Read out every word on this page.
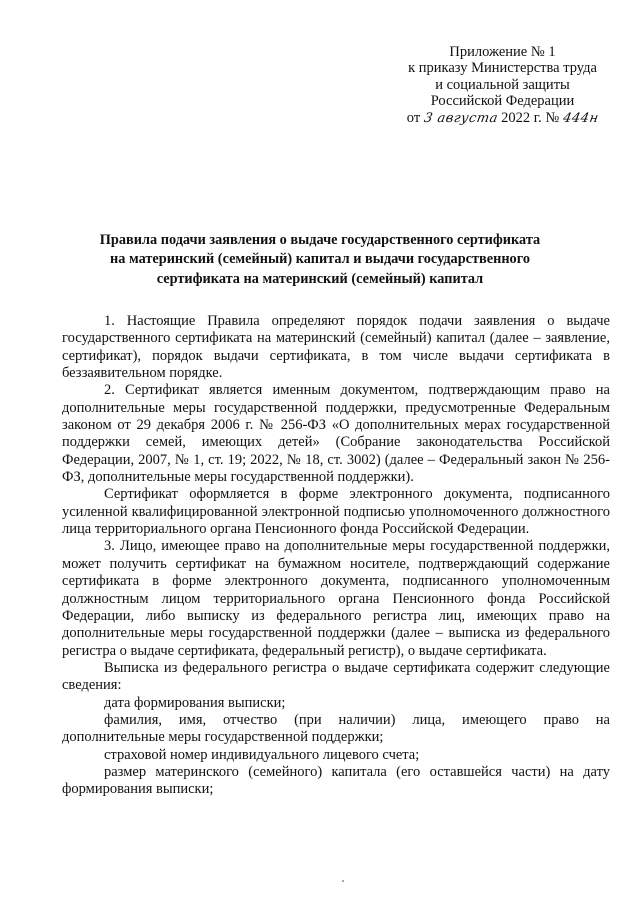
Приложение № 1
к приказу Министерства труда
и социальной защиты
Российской Федерации
от 3 августа 2022 г. № 444н
Правила подачи заявления о выдаче государственного сертификата
на материнский (семейный) капитал и выдачи государственного
сертификата на материнский (семейный) капитал

1. Настоящие Правила определяют порядок подачи заявления о выдаче государственного сертификата на материнский (семейный) капитал (далее – заявление, сертификат), порядок выдачи сертификата, в том числе выдачи сертификата в беззаявительном порядке.

2. Сертификат является именным документом, подтверждающим право на дополнительные меры государственной поддержки, предусмотренные Федеральным законом от 29 декабря 2006 г. № 256-ФЗ «О дополнительных мерах государственной поддержки семей, имеющих детей» (Собрание законодательства Российской Федерации, 2007, № 1, ст. 19; 2022, № 18, ст. 3002) (далее – Федеральный закон № 256-ФЗ, дополнительные меры государственной поддержки).

Сертификат оформляется в форме электронного документа, подписанного усиленной квалифицированной электронной подписью уполномоченного должностного лица территориального органа Пенсионного фонда Российской Федерации.

3. Лицо, имеющее право на дополнительные меры государственной поддержки, может получить сертификат на бумажном носителе, подтверждающий содержание сертификата в форме электронного документа, подписанного уполномоченным должностным лицом территориального органа Пенсионного фонда Российской Федерации, либо выписку из федерального регистра лиц, имеющих право на дополнительные меры государственной поддержки (далее – выписка из федерального регистра о выдаче сертификата, федеральный регистр), о выдаче сертификата.

Выписка из федерального регистра о выдаче сертификата содержит следующие сведения:

дата формирования выписки;

фамилия, имя, отчество (при наличии) лица, имеющего право на дополнительные меры государственной поддержки;

страховой номер индивидуального лицевого счета;

размер материнского (семейного) капитала (его оставшейся части) на дату формирования выписки;
